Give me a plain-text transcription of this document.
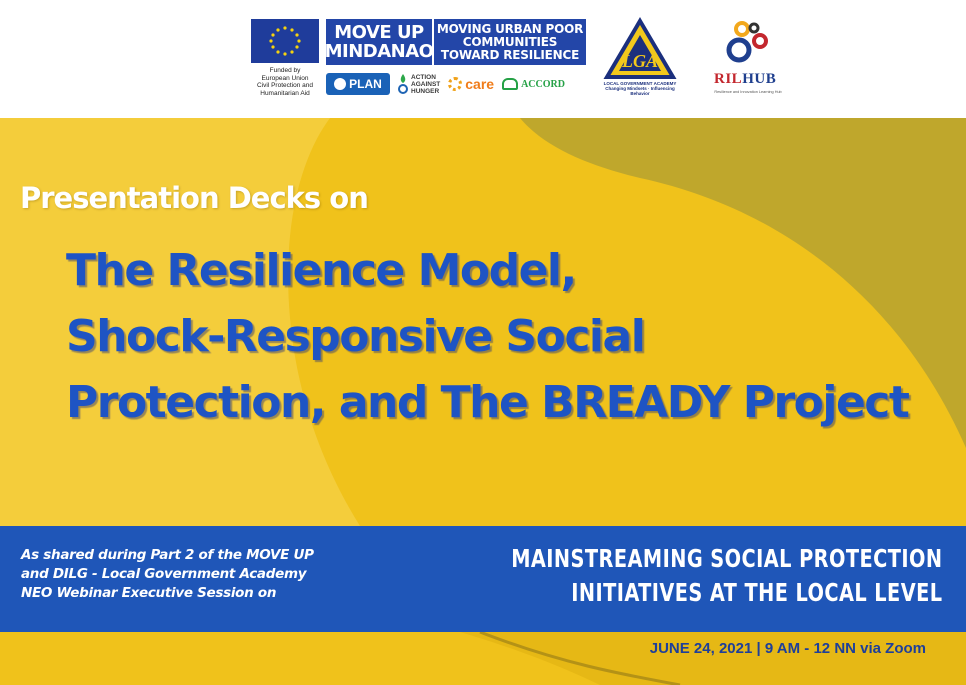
Funded by
European Union
Civil Protection and
Humanitarian Aid
MOVE UP
MINDANAO
MOVING URBAN POOR
COMMUNITIES
TOWARD RESILIENCE
PLAN	ACTION
AGAINST
HUNGER care	ACCORD
LGA
LOCAL GOVERNMENT ACADEMY
Changing Mindsets · Influencing Behavior
RILHUB
Resilience and Innovation Learning Hub
Presentation Decks on
The Resilience Model,
Shock-Responsive Social
Protection, and The BREADY Project
As shared during Part 2 of the MOVE UP
and DILG - Local Government Academy
NEO Webinar Executive Session on
MAINSTREAMING SOCIAL PROTECTION
INITIATIVES AT THE LOCAL LEVEL
JUNE 24, 2021 | 9 AM - 12 NN via Zoom
